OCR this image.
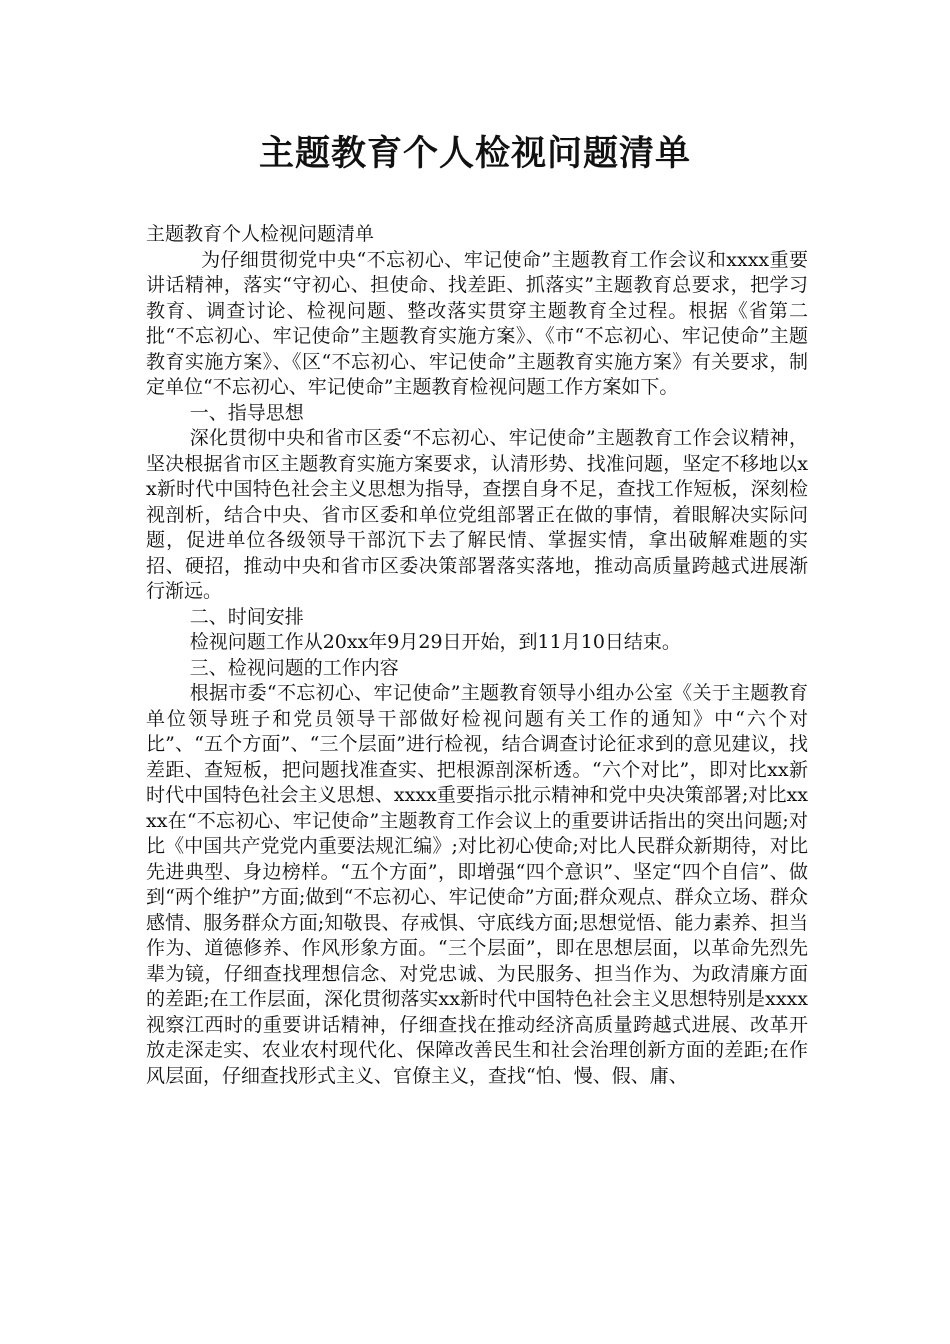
主题教育个人检视问题清单

主题教育个人检视问题清单

为仔细贯彻党中央“不忘初心、牢记使命”主题教育工作会议和xxxx重要讲话精神，落实“守初心、担使命、找差距、抓落实”主题教育总要求，把学习教育、调查讨论、检视问题、整改落实贯穿主题教育全过程。根据《省第二批“不忘初心、牢记使命”主题教育实施方案》、《市“不忘初心、牢记使命”主题教育实施方案》、《区“不忘初心、牢记使命”主题教育实施方案》有关要求，制定单位“不忘初心、牢记使命”主题教育检视问题工作方案如下。

一、指导思想

深化贯彻中央和省市区委“不忘初心、牢记使命”主题教育工作会议精神，坚决根据省市区主题教育实施方案要求，认清形势、找准问题，坚定不移地以xx新时代中国特色社会主义思想为指导，查摆自身不足，查找工作短板，深刻检视剖析，结合中央、省市区委和单位党组部署正在做的事情，着眼解决实际问题，促进单位各级领导干部沉下去了解民情、掌握实情，拿出破解难题的实招、硬招，推动中央和省市区委决策部署落实落地，推动高质量跨越式进展渐行渐远。

二、时间安排

检视问题工作从20xx年9月29日开始，到11月10日结束。

三、检视问题的工作内容

根据市委“不忘初心、牢记使命”主题教育领导小组办公室《关于主题教育单位领导班子和党员领导干部做好检视问题有关工作的通知》中“六个对比”、“五个方面”、“三个层面”进行检视，结合调查讨论征求到的意见建议，找差距、查短板，把问题找准查实、把根源剖深析透。“六个对比”，即对比xx新时代中国特色社会主义思想、xxxx重要指示批示精神和党中央决策部署;对比xxxx在“不忘初心、牢记使命”主题教育工作会议上的重要讲话指出的突出问题;对比《中国共产党党内重要法规汇编》;对比初心使命;对比人民群众新期待，对比先进典型、身边榜样。“五个方面”，即增强“四个意识”、坚定“四个自信”、做到“两个维护”方面;做到“不忘初心、牢记使命”方面;群众观点、群众立场、群众感情、服务群众方面;知敬畏、存戒惧、守底线方面;思想觉悟、能力素养、担当作为、道德修养、作风形象方面。“三个层面”，即在思想层面，以革命先烈先辈为镜，仔细查找理想信念、对党忠诚、为民服务、担当作为、为政清廉方面的差距;在工作层面，深化贯彻落实xx新时代中国特色社会主义思想特别是xxxx视察江西时的重要讲话精神，仔细查找在推动经济高质量跨越式进展、改革开放走深走实、农业农村现代化、保障改善民生和社会治理创新方面的差距;在作风层面，仔细查找形式主义、官僚主义，查找“怕、慢、假、庸、
